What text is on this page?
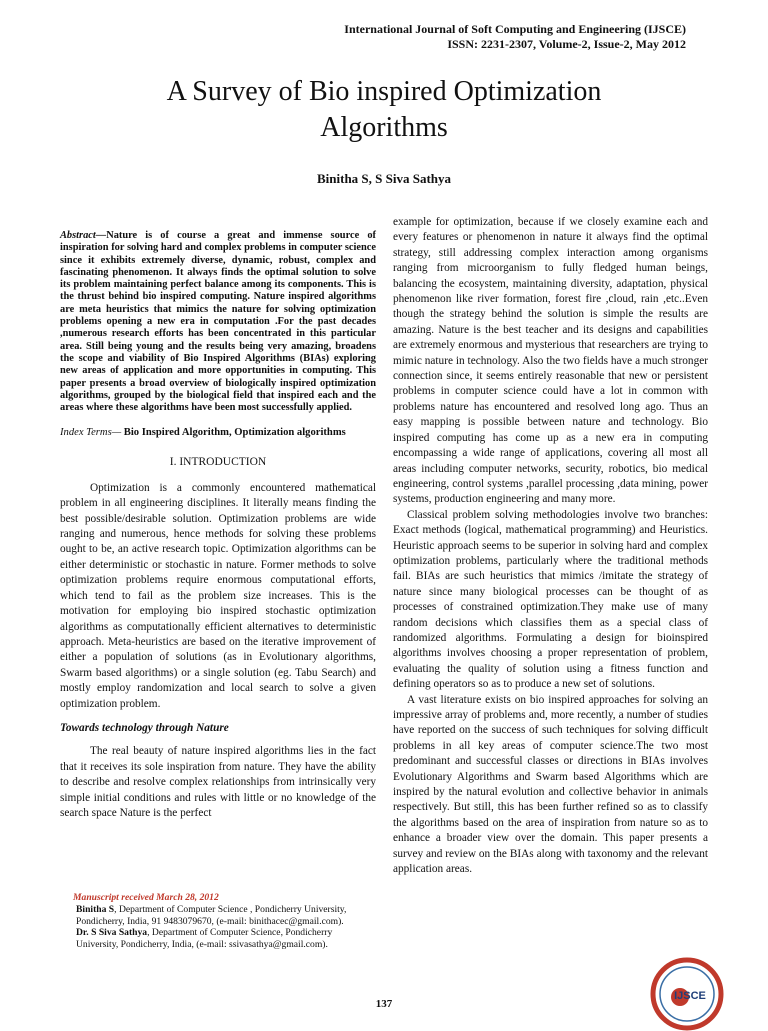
International Journal of Soft Computing and Engineering (IJSCE)
ISSN: 2231-2307, Volume-2, Issue-2, May 2012
A Survey of Bio inspired Optimization
Algorithms
Binitha S, S Siva Sathya

Abstract—Nature is of course a great and immense source of inspiration for solving hard and complex problems in computer science since it exhibits extremely diverse, dynamic, robust, complex and fascinating phenomenon. It always finds the optimal solution to solve its problem maintaining perfect balance among its components. This is the thrust behind bio inspired computing. Nature inspired algorithms are meta heuristics that mimics the nature for solving optimization problems opening a new era in computation .For the past decades ,numerous research efforts has been concentrated in this particular area. Still being young and the results being very amazing, broadens the scope and viability of Bio Inspired Algorithms (BIAs) exploring new areas of application and more opportunities in computing. This paper presents a broad overview of biologically inspired optimization algorithms, grouped by the biological field that inspired each and the areas where these algorithms have been most successfully applied.

Index Terms— Bio Inspired Algorithm, Optimization algorithms

I. INTRODUCTION

Optimization is a commonly encountered mathematical problem in all engineering disciplines. It literally means finding the best possible/desirable solution. Optimization problems are wide ranging and numerous, hence methods for solving these problems ought to be, an active research topic. Optimization algorithms can be either deterministic or stochastic in nature. Former methods to solve optimization problems require enormous computational efforts, which tend to fail as the problem size increases. This is the motivation for employing bio inspired stochastic optimization algorithms as computationally efficient alternatives to deterministic approach. Meta-heuristics are based on the iterative improvement of either a population of solutions (as in Evolutionary algorithms, Swarm based algorithms) or a single solution (eg. Tabu Search) and mostly employ randomization and local search to solve a given optimization problem.

Towards technology through Nature

The real beauty of nature inspired algorithms lies in the fact that it receives its sole inspiration from nature. They have the ability to describe and resolve complex relationships from intrinsically very simple initial conditions and rules with little or no knowledge of the search space Nature is the perfect

example for optimization, because if we closely examine each and every features or phenomenon in nature it always find the optimal strategy, still addressing complex interaction among organisms ranging from microorganism to fully fledged human beings, balancing the ecosystem, maintaining diversity, adaptation, physical phenomenon like river formation, forest fire ,cloud, rain ,etc..Even though the strategy behind the solution is simple the results are amazing. Nature is the best teacher and its designs and capabilities are extremely enormous and mysterious that researchers are trying to mimic nature in technology. Also the two fields have a much stronger connection since, it seems entirely reasonable that new or persistent problems in computer science could have a lot in common with problems nature has encountered and resolved long ago. Thus an easy mapping is possible between nature and technology. Bio inspired computing has come up as a new era in computing encompassing a wide range of applications, covering all most all areas including computer networks, security, robotics, bio medical engineering, control systems ,parallel processing ,data mining, power systems, production engineering and many more.

Classical problem solving methodologies involve two branches: Exact methods (logical, mathematical programming) and Heuristics. Heuristic approach seems to be superior in solving hard and complex optimization problems, particularly where the traditional methods fail. BIAs are such heuristics that mimics /imitate the strategy of nature since many biological processes can be thought of as processes of constrained optimization.They make use of many random decisions which classifies them as a special class of randomized algorithms. Formulating a design for bioinspired algorithms involves choosing a proper representation of problem, evaluating the quality of solution using a fitness function and defining operators so as to produce a new set of solutions.

A vast literature exists on bio inspired approaches for solving an impressive array of problems and, more recently, a number of studies have reported on the success of such techniques for solving difficult problems in all key areas of computer science.The two most predominant and successful classes or directions in BIAs involves Evolutionary Algorithms and Swarm based Algorithms which are inspired by the natural evolution and collective behavior in animals respectively. But still, this has been further refined so as to classify the algorithms based on the area of inspiration from nature so as to enhance a broader view over the domain. This paper presents a survey and review on the BIAs along with taxonomy and the relevant application areas.

Manuscript received March 28, 2012
Binitha S, Department of Computer Science , Pondicherry University, Pondicherry, India, 91 9483079670, (e-mail: binithacec@gmail.com).
Dr. S Siva Sathya, Department of Computer Science, Pondicherry University, Pondicherry, India, (e-mail: ssivasathya@gmail.com).
137
IJSCE
